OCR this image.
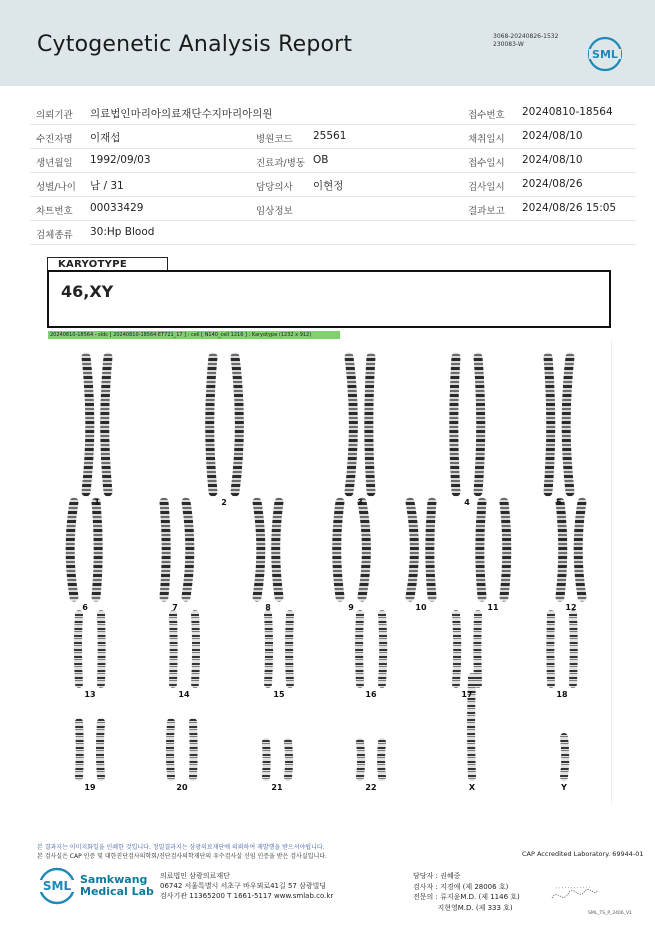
Cytogenetic Analysis Report	3068-20240826-1532
230083-W
SML
의뢰기관 의료법인마리아의료재단수지마리아의원	접수번호 20240810-18564
수진자명 이재섭	병원코드 25561	채취일시 2024/08/10
생년월일 1992/09/03	진료과/병동 OB	접수일시 2024/08/10
성별/나이 남 / 31	담당의사 이현정	검사일시 2024/08/26
차트번호 00033429	임상정보	결과보고 2024/08/26 15:05
검체종류 30:Hp Blood
KARYOTYPE
46,XY
20240810-18564 - sldc [ 20240810-18564 ET721_17 ] : cell [ N140_cell 1216 ] : Karyotype (1232 x 912)
1	2	3	4	5
6	7	8	9	10	11	12
13	14	15	16	17	18
19	20	21	22	X	Y
본 결과지는 이미지화일을 인쇄한 것입니다. 정밀결과지는 삼광의료재단에 의뢰하여 재발행을 받으셔야됩니다.
본 검사실은 CAP 인증 및 대한진단검사의학회/진단검사의학재단의 우수검사실 신임 인증을 받은 검사실입니다.	CAP Accredited Laboratory. 69944-01
SML Samkwang
Medical Lab
의료법인 삼광의료재단
06742 서울특별시 서초구 바우뫼로41길 57 삼광빌딩
검사기관 11365200 T 1661-5117 www.smlab.co.kr
담당자 : 권혜중
검사자 : 지경애 (제 28006 호)
전문의 : 류지윤M.D. (제 1146 호)
지현영M.D. (제 333 호)
SML_TS_P_2406_V1
